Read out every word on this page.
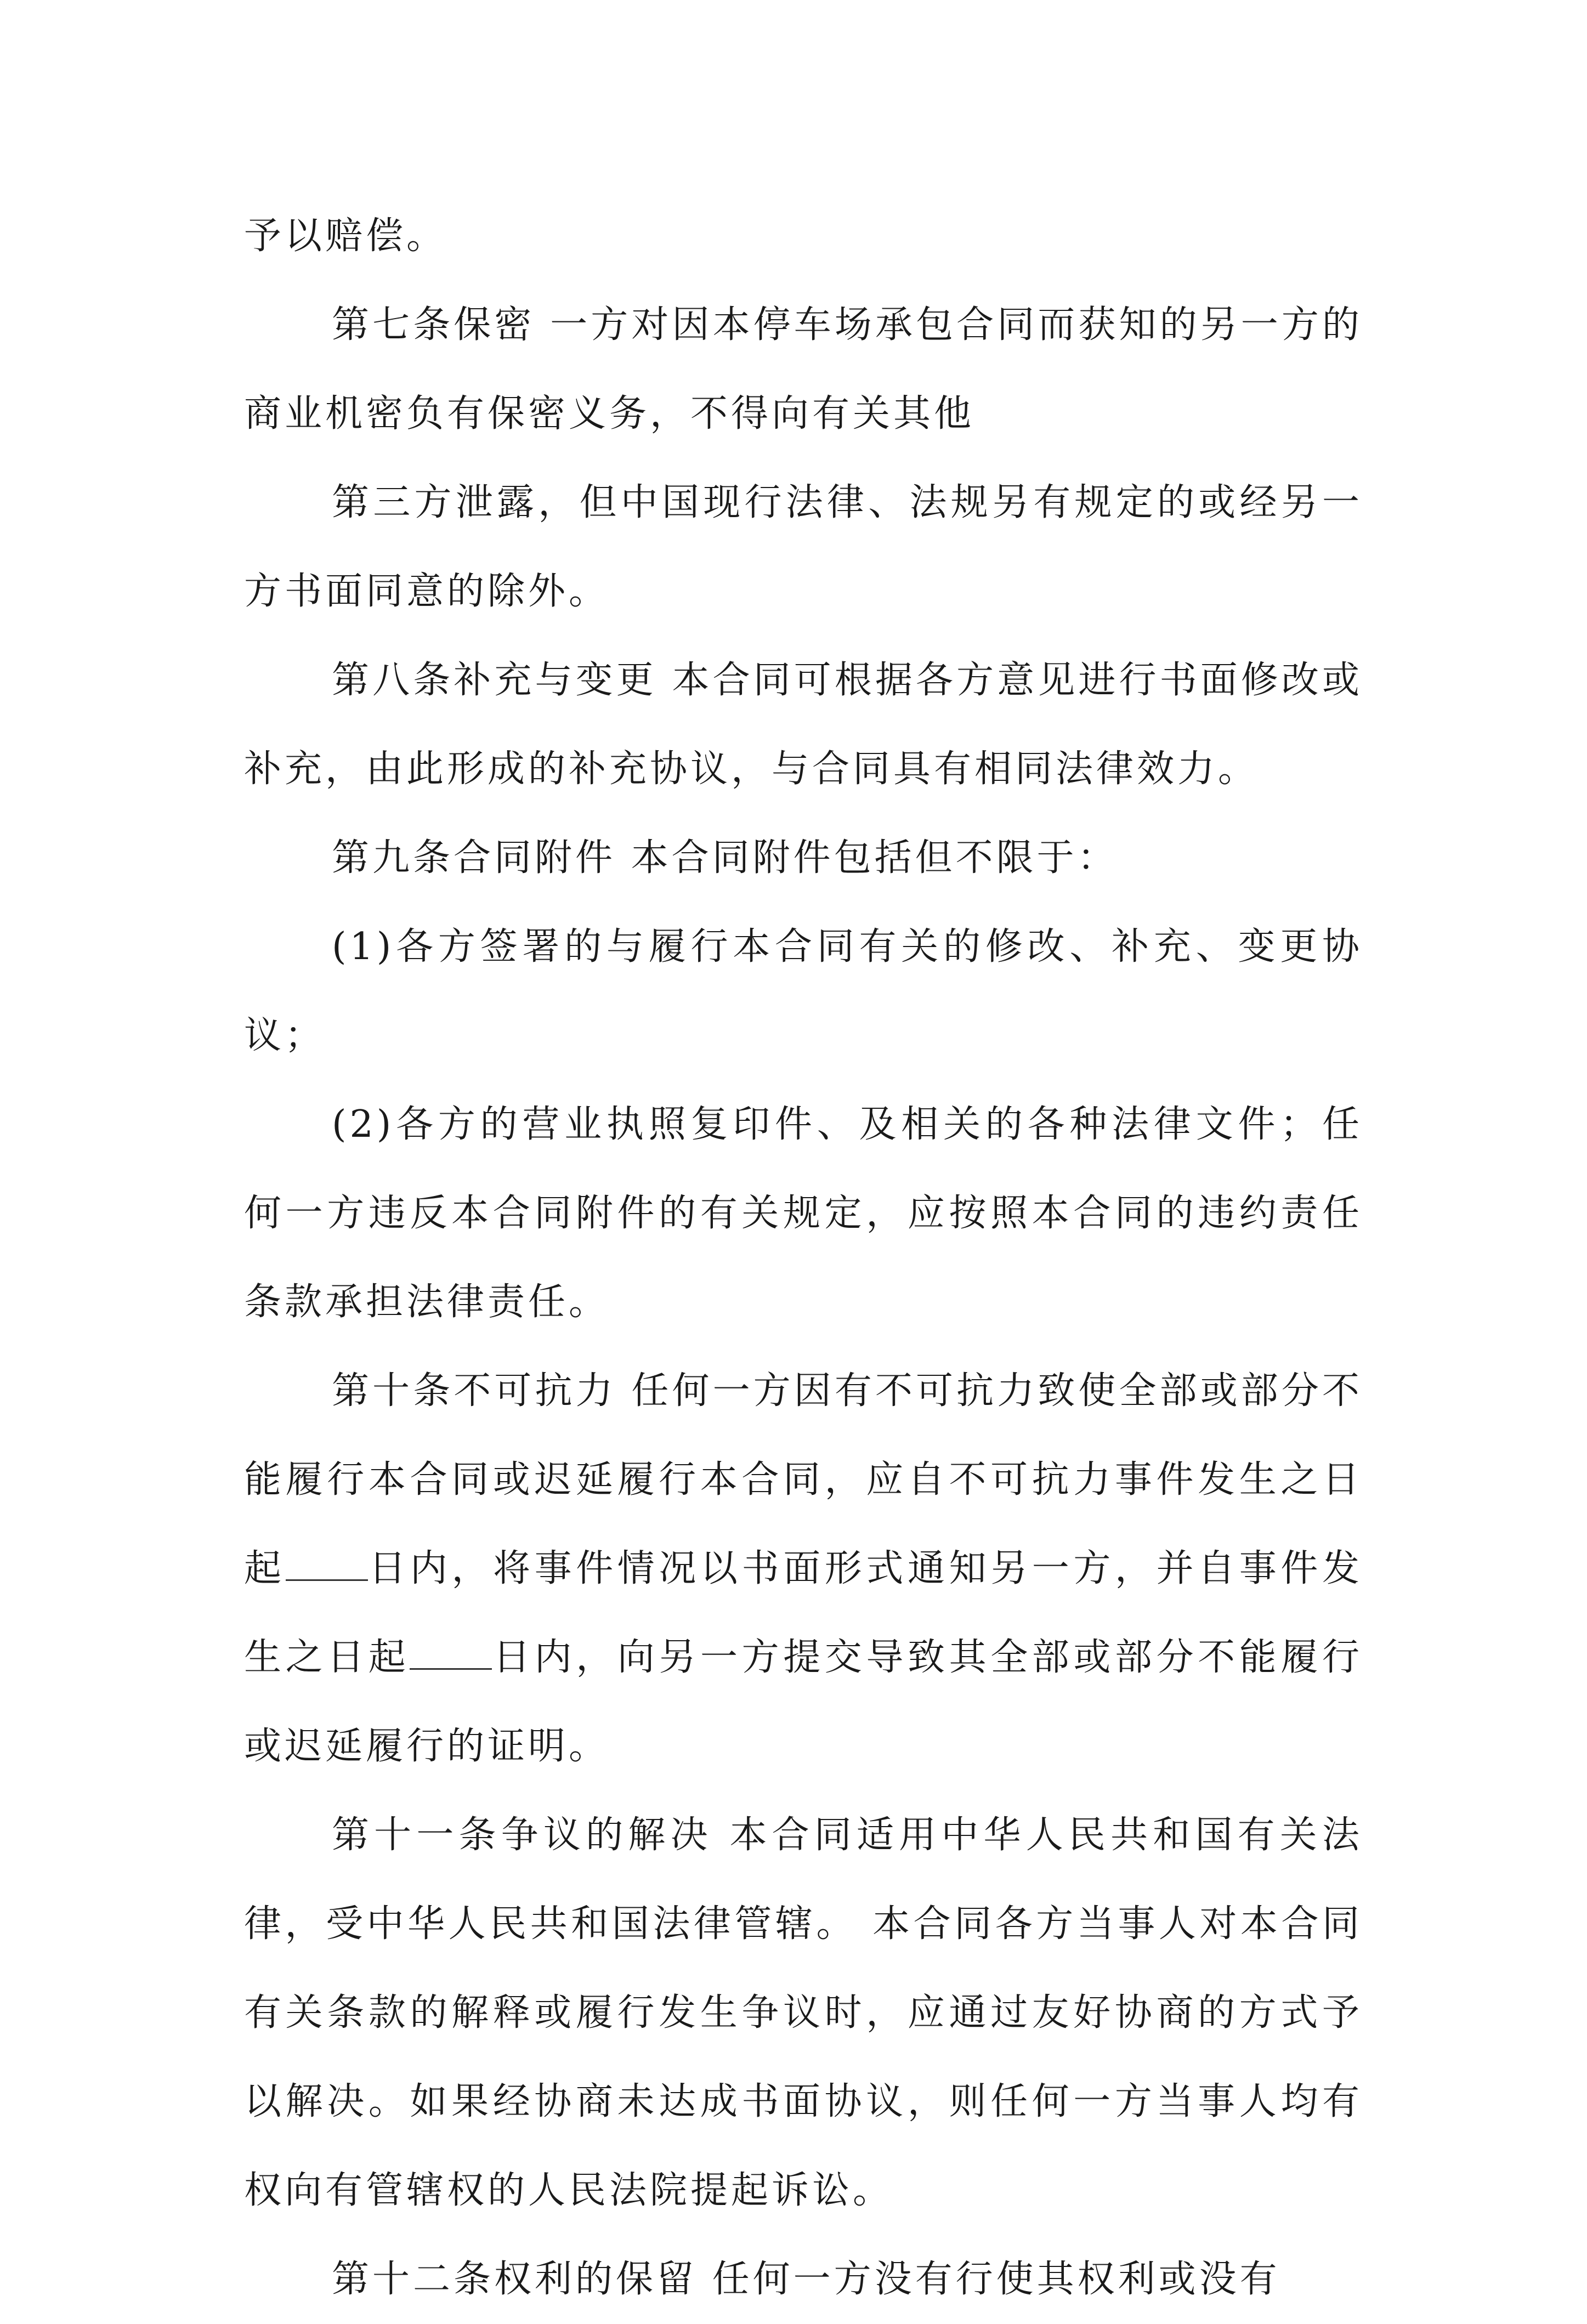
予以赔偿。

第七条保密 一方对因本停车场承包合同而获知的另一方的商业机密负有保密义务，不得向有关其他

第三方泄露，但中国现行法律、法规另有规定的或经另一方书面同意的除外。

第八条补充与变更 本合同可根据各方意见进行书面修改或补充，由此形成的补充协议，与合同具有相同法律效力。

第九条合同附件 本合同附件包括但不限于：

(1)各方签署的与履行本合同有关的修改、补充、变更协议；

(2)各方的营业执照复印件、及相关的各种法律文件；任何一方违反本合同附件的有关规定，应按照本合同的违约责任条款承担法律责任。

第十条不可抗力 任何一方因有不可抗力致使全部或部分不能履行本合同或迟延履行本合同，应自不可抗力事件发生之日起 日内，将事件情况以书面形式通知另一方，并自事件发生之日起 日内，向另一方提交导致其全部或部分不能履行或迟延履行的证明。

第十一条争议的解决 本合同适用中华人民共和国有关法律，受中华人民共和国法律管辖。 本合同各方当事人对本合同有关条款的解释或履行发生争议时，应通过友好协商的方式予以解决。如果经协商未达成书面协议，则任何一方当事人均有权向有管辖权的人民法院提起诉讼。

第十二条权利的保留 任何一方没有行使其权利或没有
